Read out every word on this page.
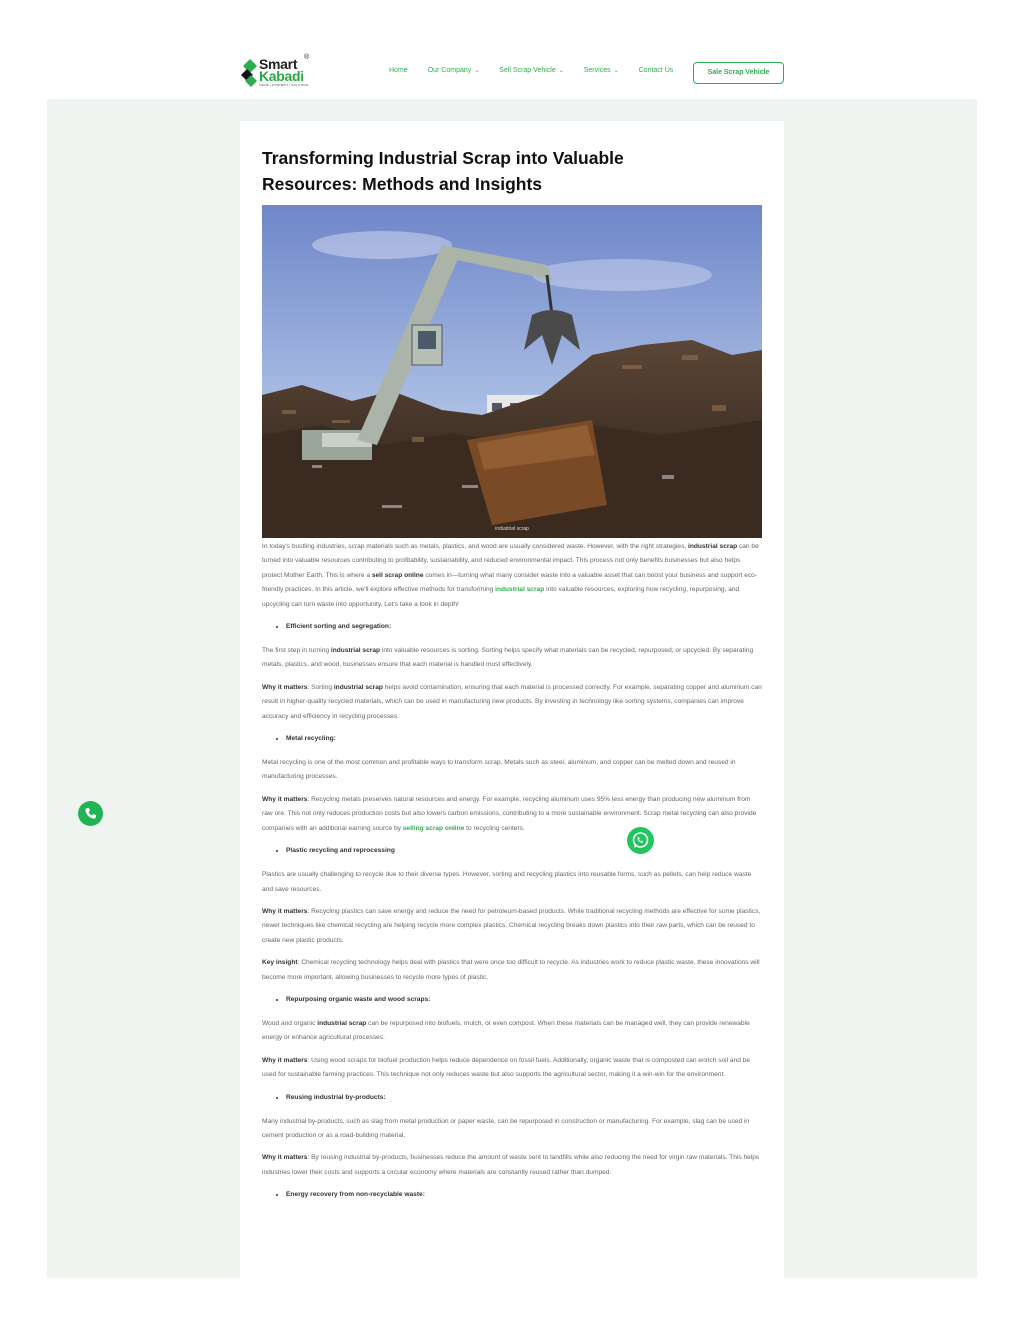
Smart
Kabadi
®
THINK | CONNECT | SOLUTION
Home	Our Company ⌄	Sell Scrap Vehicle ⌄	Services ⌄	Contact Us	Sale Scrap Vehicle
Transforming Industrial Scrap into Valuable Resources: Methods and Insights
industrial scrap

In today's bustling industries, scrap materials such as metals, plastics, and wood are usually considered waste. However, with the right strategies, industrial scrap can be turned into valuable resources contributing to profitability, sustainability, and reduced environmental impact. This process not only benefits businesses but also helps protect Mother Earth. This is where a sell scrap online comes in—turning what many consider waste into a valuable asset that can boost your business and support eco-friendly practices. In this article, we'll explore effective methods for transforming industrial scrap into valuable resources, exploring how recycling, repurposing, and upcycling can turn waste into opportunity. Let's take a look in depth!

• Efficient sorting and segregation:

The first step in turning industrial scrap into valuable resources is sorting. Sorting helps specify what materials can be recycled, repurposed, or upcycled. By separating metals, plastics, and wood, businesses ensure that each material is handled most effectively.

Why it matters: Sorting industrial scrap helps avoid contamination, ensuring that each material is processed correctly. For example, separating copper and aluminum can result in higher-quality recycled materials, which can be used in manufacturing new products. By investing in technology like sorting systems, companies can improve accuracy and efficiency in recycling processes.

• Metal recycling:

Metal recycling is one of the most common and profitable ways to transform scrap. Metals such as steel, aluminum, and copper can be melted down and reused in manufacturing processes.

Why it matters: Recycling metals preserves natural resources and energy. For example, recycling aluminum uses 95% less energy than producing new aluminum from raw ore. This not only reduces production costs but also lowers carbon emissions, contributing to a more sustainable environment. Scrap metal recycling can also provide companies with an additional earning source by selling scrap online to recycling centers.

• Plastic recycling and reprocessing

Plastics are usually challenging to recycle due to their diverse types. However, sorting and recycling plastics into reusable forms, such as pellets, can help reduce waste and save resources.

Why it matters: Recycling plastics can save energy and reduce the need for petroleum-based products. While traditional recycling methods are effective for some plastics, newer techniques like chemical recycling are helping recycle more complex plastics. Chemical recycling breaks down plastics into their raw parts, which can be reused to create new plastic products.

Key insight: Chemical recycling technology helps deal with plastics that were once too difficult to recycle. As industries work to reduce plastic waste, these innovations will become more important, allowing businesses to recycle more types of plastic.

• Repurposing organic waste and wood scraps:

Wood and organic industrial scrap can be repurposed into biofuels, mulch, or even compost. When these materials can be managed well, they can provide renewable energy or enhance agricultural processes.

Why it matters: Using wood scraps for biofuel production helps reduce dependence on fossil fuels. Additionally, organic waste that is composted can enrich soil and be used for sustainable farming practices. This technique not only reduces waste but also supports the agricultural sector, making it a win-win for the environment.

• Reusing industrial by-products:

Many industrial by-products, such as slag from metal production or paper waste, can be repurposed in construction or manufacturing. For example, slag can be used in cement production or as a road-building material.

Why it matters: By reusing industrial by-products, businesses reduce the amount of waste sent to landfills while also reducing the need for virgin raw materials. This helps industries lower their costs and supports a circular economy where materials are constantly reused rather than dumped.

• Energy recovery from non-recyclable waste:
